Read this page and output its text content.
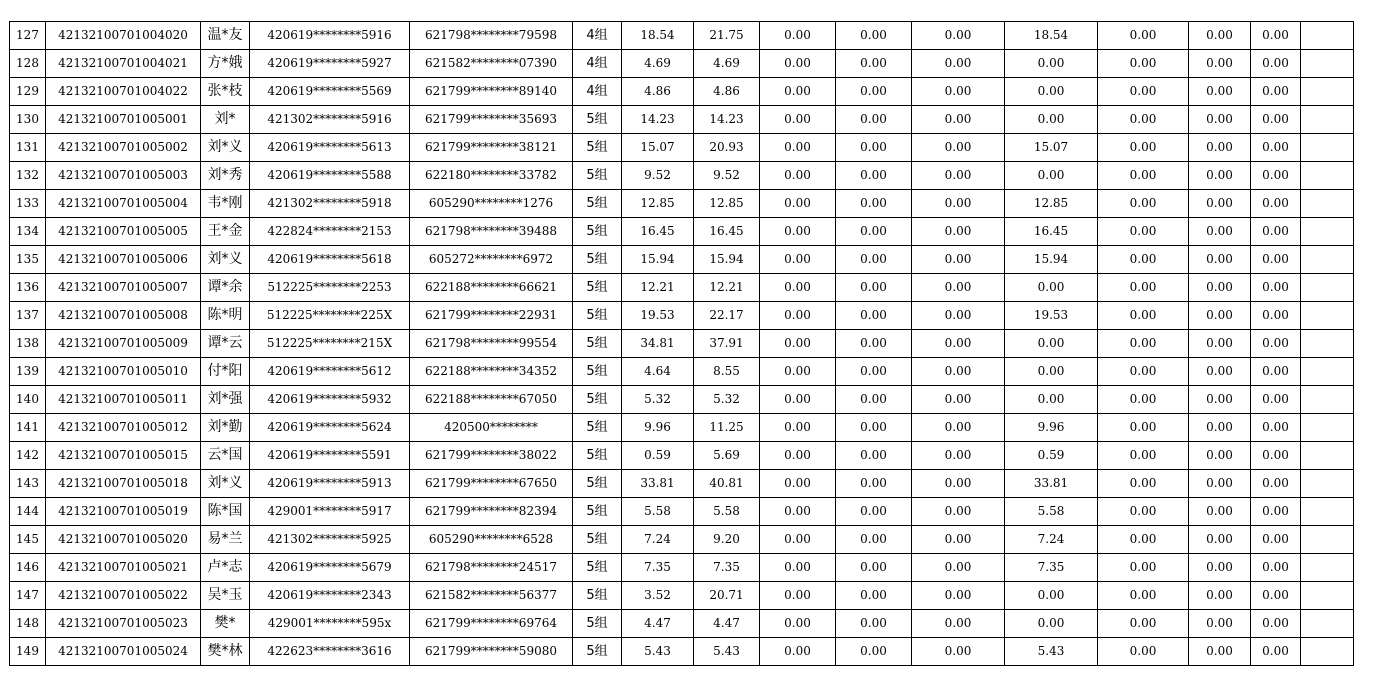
127	42132100701004020	温*友	420619********5916	621798********79598	4组	18.54	21.75	0.00	0.00	0.00	18.54	0.00	0.00	0.00	
128	42132100701004021	方*娥	420619********5927	621582********07390	4组	4.69	4.69	0.00	0.00	0.00	0.00	0.00	0.00	0.00	
129	42132100701004022	张*枝	420619********5569	621799********89140	4组	4.86	4.86	0.00	0.00	0.00	0.00	0.00	0.00	0.00	
130	42132100701005001	刘*	421302********5916	621799********35693	5组	14.23	14.23	0.00	0.00	0.00	0.00	0.00	0.00	0.00	
131	42132100701005002	刘*义	420619********5613	621799********38121	5组	15.07	20.93	0.00	0.00	0.00	15.07	0.00	0.00	0.00	
132	42132100701005003	刘*秀	420619********5588	622180********33782	5组	9.52	9.52	0.00	0.00	0.00	0.00	0.00	0.00	0.00	
133	42132100701005004	韦*刚	421302********5918	605290********1276	5组	12.85	12.85	0.00	0.00	0.00	12.85	0.00	0.00	0.00	
134	42132100701005005	王*金	422824********2153	621798********39488	5组	16.45	16.45	0.00	0.00	0.00	16.45	0.00	0.00	0.00	
135	42132100701005006	刘*义	420619********5618	605272********6972	5组	15.94	15.94	0.00	0.00	0.00	15.94	0.00	0.00	0.00	
136	42132100701005007	谭*余	512225********2253	622188********66621	5组	12.21	12.21	0.00	0.00	0.00	0.00	0.00	0.00	0.00	
137	42132100701005008	陈*明	512225********225X	621799********22931	5组	19.53	22.17	0.00	0.00	0.00	19.53	0.00	0.00	0.00	
138	42132100701005009	谭*云	512225********215X	621798********99554	5组	34.81	37.91	0.00	0.00	0.00	0.00	0.00	0.00	0.00	
139	42132100701005010	付*阳	420619********5612	622188********34352	5组	4.64	8.55	0.00	0.00	0.00	0.00	0.00	0.00	0.00	
140	42132100701005011	刘*强	420619********5932	622188********67050	5组	5.32	5.32	0.00	0.00	0.00	0.00	0.00	0.00	0.00	
141	42132100701005012	刘*勤	420619********5624	420500********	5组	9.96	11.25	0.00	0.00	0.00	9.96	0.00	0.00	0.00	
142	42132100701005015	云*国	420619********5591	621799********38022	5组	0.59	5.69	0.00	0.00	0.00	0.59	0.00	0.00	0.00	
143	42132100701005018	刘*义	420619********5913	621799********67650	5组	33.81	40.81	0.00	0.00	0.00	33.81	0.00	0.00	0.00	
144	42132100701005019	陈*国	429001********5917	621799********82394	5组	5.58	5.58	0.00	0.00	0.00	5.58	0.00	0.00	0.00	
145	42132100701005020	易*兰	421302********5925	605290********6528	5组	7.24	9.20	0.00	0.00	0.00	7.24	0.00	0.00	0.00	
146	42132100701005021	卢*志	420619********5679	621798********24517	5组	7.35	7.35	0.00	0.00	0.00	7.35	0.00	0.00	0.00	
147	42132100701005022	吴*玉	420619********2343	621582********56377	5组	3.52	20.71	0.00	0.00	0.00	0.00	0.00	0.00	0.00	
148	42132100701005023	樊*	429001********595x	621799********69764	5组	4.47	4.47	0.00	0.00	0.00	0.00	0.00	0.00	0.00	
149	42132100701005024	樊*林	422623********3616	621799********59080	5组	5.43	5.43	0.00	0.00	0.00	5.43	0.00	0.00	0.00	
